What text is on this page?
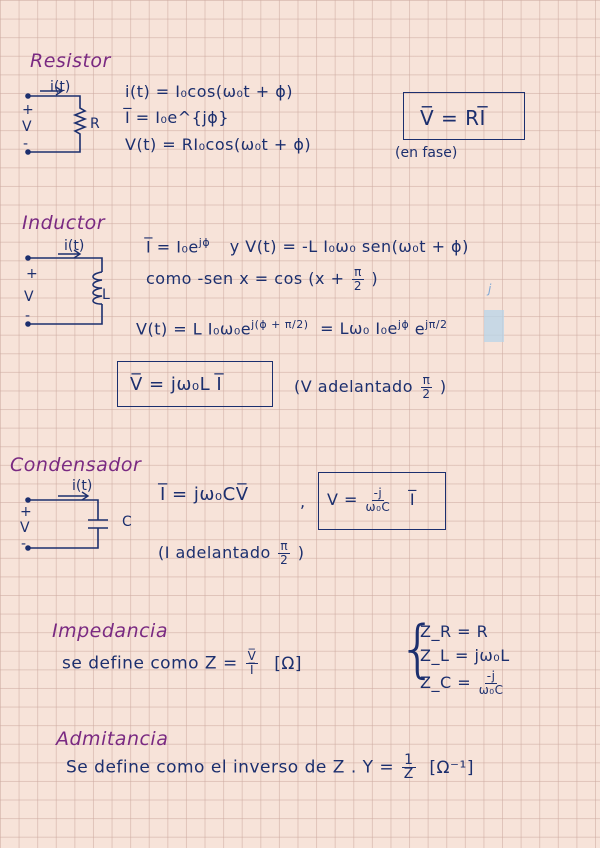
Resistor
i(t)
R
+
V
-
i(t) = I₀cos(ω₀t + ϕ)
I̅ = I₀e^{jϕ}
V(t) = RI₀cos(ω₀t + ϕ)
V̅ = RI̅
(en fase)
Inductor
i(t)
L
+
V
-
I̅ = $I_0e^{j\phi}$ y V(t) = -L I₀ω₀ sen(ω₀t + ϕ)
como -sen $x = \cos (x + \frac{\pi}{2}$ )
j
V(t) = L $I_0\omega_0e^{j(\phi + \pi/2)} = L\omega_0$ $I_0e^{j\phi}$ $e^{j\pi/2}$
V̅ = jω₀L I̅	(V adelantado $\frac{\pi}{2}$ )
Condensador
i(t)
C
+
V
-
I̅ = jω₀CV̅	, $V = \frac{-j}{\text{ω₀C}}$ I̅
(I adelantado $\frac{\pi}{2}$ )
Impedancia
se define como $Z = \frac{V̅}{I̅} [\Omega]$ {
Z_R = R
Z_L = jω₀L
Z_C = $\frac{-j}{\text{ω₀C}}$
Admitancia
Se define como el inverso de Z . $Y = \frac{1}{Z} [\Omega^{-1}]$
